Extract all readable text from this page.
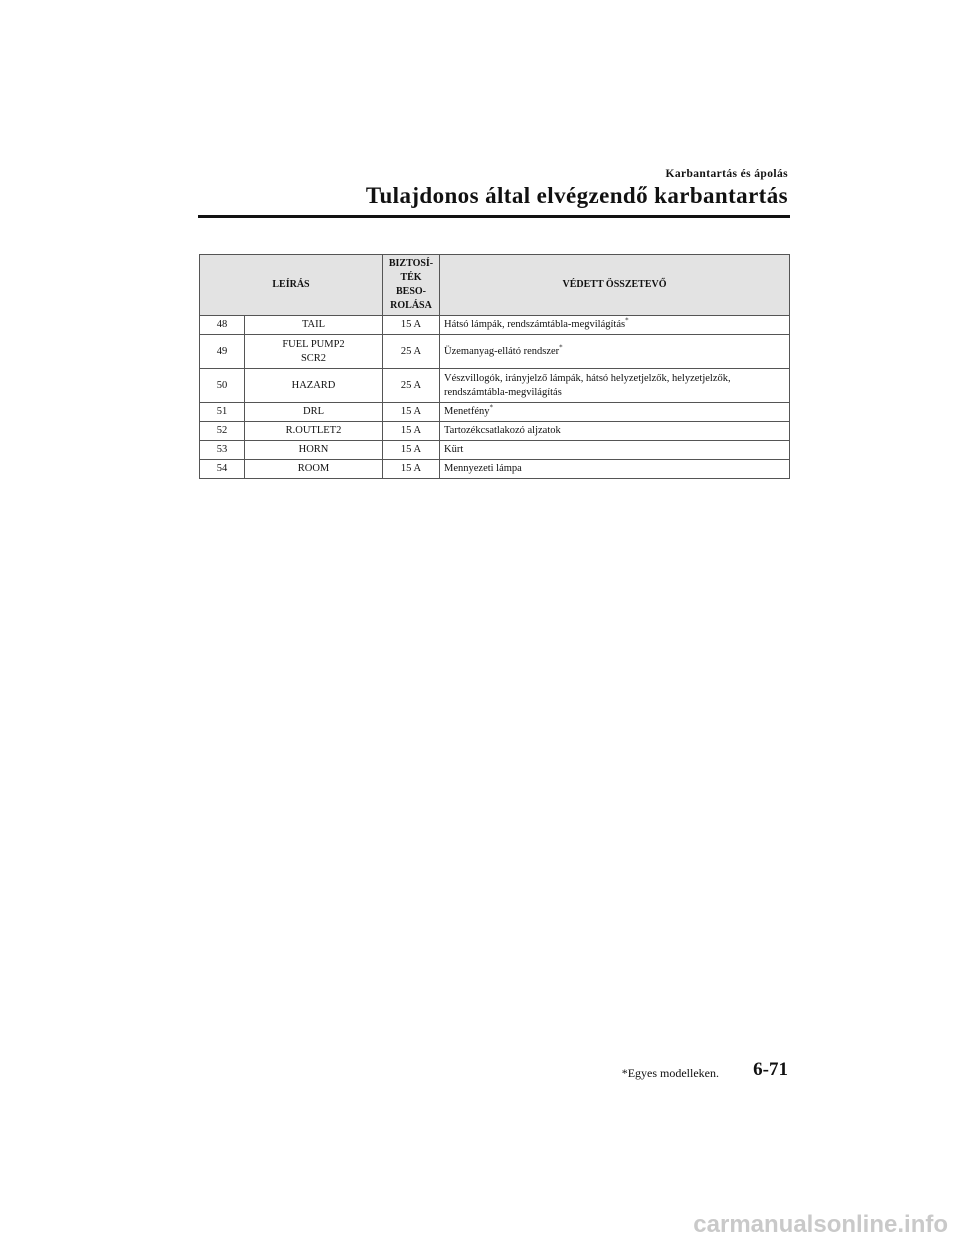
Karbantartás és ápolás
Tulajdonos által elvégzendő karbantartás
LEÍRÁS		BIZTOSÍ-
TÉK BESO-
ROLÁSA	VÉDETT ÖSSZETEVŐ
48	TAIL	15 A	Hátsó lámpák, rendszámtábla-megvilágítás*
49	FUEL PUMP2
SCR2	25 A	Üzemanyag-ellátó rendszer*
50	HAZARD	25 A	Vészvillogók, irányjelző lámpák, hátsó helyzetjelzők, helyzetjelzők, rendszámtábla-megvilágítás
51	DRL	15 A	Menetfény*
52	R.OUTLET2	15 A	Tartozékcsatlakozó aljzatok
53	HORN	15 A	Kürt
54	ROOM	15 A	Mennyezeti lámpa
*Egyes modelleken. 6-71
carmanualsonline.info
